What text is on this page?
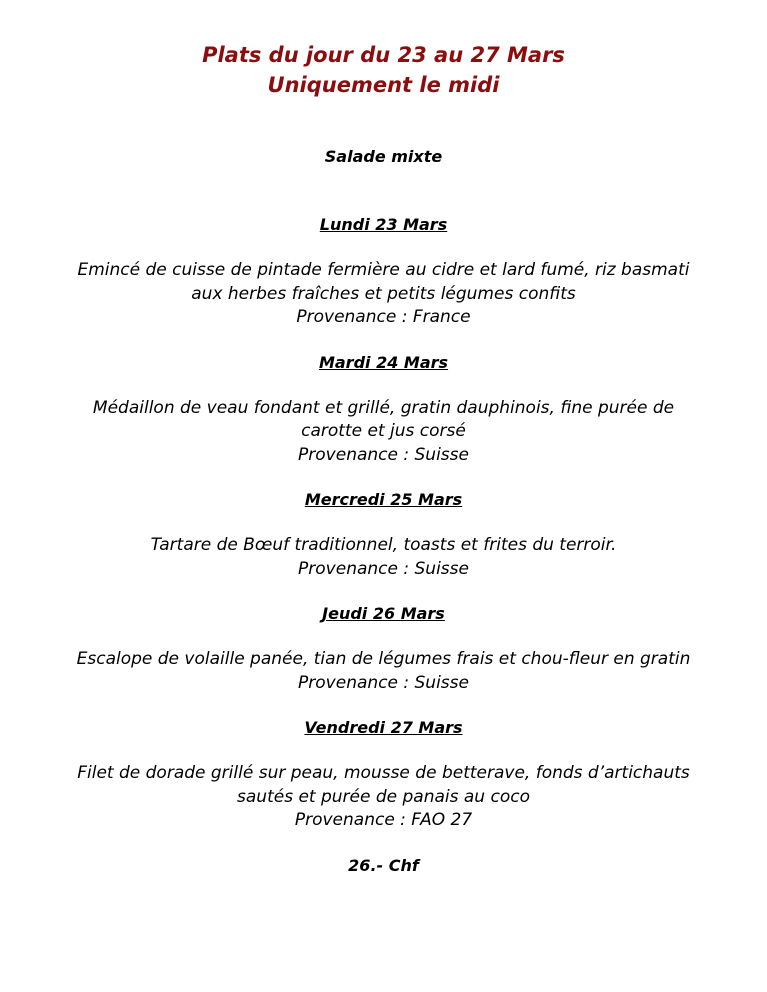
Plats du jour du 23 au 27 Mars
Uniquement le midi
Salade mixte
Lundi 23 Mars
Emincé de cuisse de pintade fermière au cidre et lard fumé, riz basmati aux herbes fraîches et petits légumes confits
Provenance : France
Mardi 24 Mars
Médaillon de veau fondant et grillé, gratin dauphinois, fine purée de carotte et jus corsé
Provenance : Suisse
Mercredi 25 Mars
Tartare de Bœuf traditionnel, toasts et frites du terroir.
Provenance : Suisse
Jeudi 26 Mars
Escalope de volaille panée, tian de légumes frais et chou-fleur en gratin
Provenance : Suisse
Vendredi 27 Mars
Filet de dorade grillé sur peau, mousse de betterave, fonds d’artichauts sautés et purée de panais au coco
Provenance : FAO 27
26.- Chf
